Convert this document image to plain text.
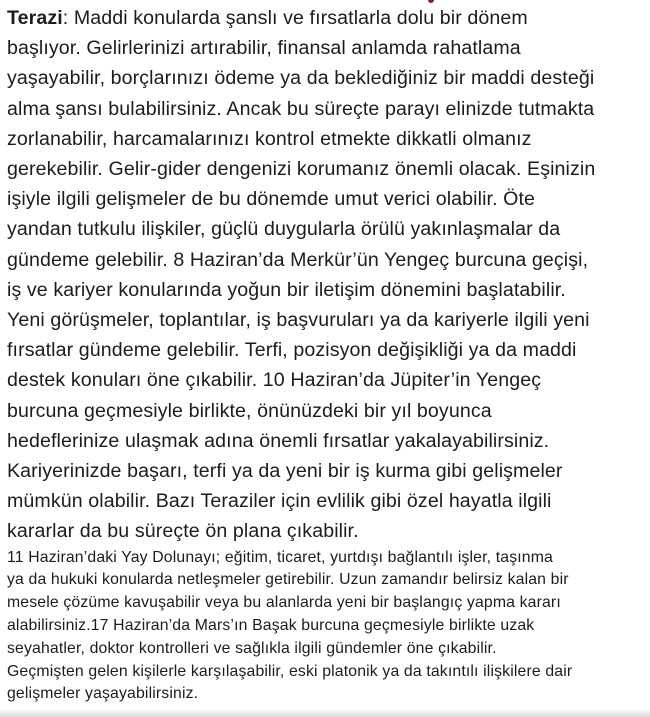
Terazi: Maddi konularda şanslı ve fırsatlarla dolu bir dönem
başlıyor. Gelirlerinizi artırabilir, finansal anlamda rahatlama
yaşayabilir, borçlarınızı ödeme ya da beklediğiniz bir maddi desteği
alma şansı bulabilirsiniz. Ancak bu süreçte parayı elinizde tutmakta
zorlanabilir, harcamalarınızı kontrol etmekte dikkatli olmanız
gerekebilir. Gelir-gider dengenizi korumanız önemli olacak. Eşinizin
işiyle ilgili gelişmeler de bu dönemde umut verici olabilir. Öte
yandan tutkulu ilişkiler, güçlü duygularla örülü yakınlaşmalar da
gündeme gelebilir. 8 Haziran’da Merkür’ün Yengeç burcuna geçişi,
iş ve kariyer konularında yoğun bir iletişim dönemini başlatabilir.
Yeni görüşmeler, toplantılar, iş başvuruları ya da kariyerle ilgili yeni
fırsatlar gündeme gelebilir. Terfi, pozisyon değişikliği ya da maddi
destek konuları öne çıkabilir. 10 Haziran’da Jüpiter’in Yengeç
burcuna geçmesiyle birlikte, önünüzdeki bir yıl boyunca
hedeflerinize ulaşmak adına önemli fırsatlar yakalayabilirsiniz.
Kariyerinizde başarı, terfi ya da yeni bir iş kurma gibi gelişmeler
mümkün olabilir. Bazı Teraziler için evlilik gibi özel hayatla ilgili
kararlar da bu süreçte ön plana çıkabilir.

11 Haziran’daki Yay Dolunayı; eğitim, ticaret, yurtdışı bağlantılı işler, taşınma
ya da hukuki konularda netleşmeler getirebilir. Uzun zamandır belirsiz kalan bir
mesele çözüme kavuşabilir veya bu alanlarda yeni bir başlangıç yapma kararı
alabilirsiniz.17 Haziran’da Mars’ın Başak burcuna geçmesiyle birlikte uzak
seyahatler, doktor kontrolleri ve sağlıkla ilgili gündemler öne çıkabilir.
Geçmişten gelen kişilerle karşılaşabilir, eski platonik ya da takıntılı ilişkilere dair
gelişmeler yaşayabilirsiniz.
